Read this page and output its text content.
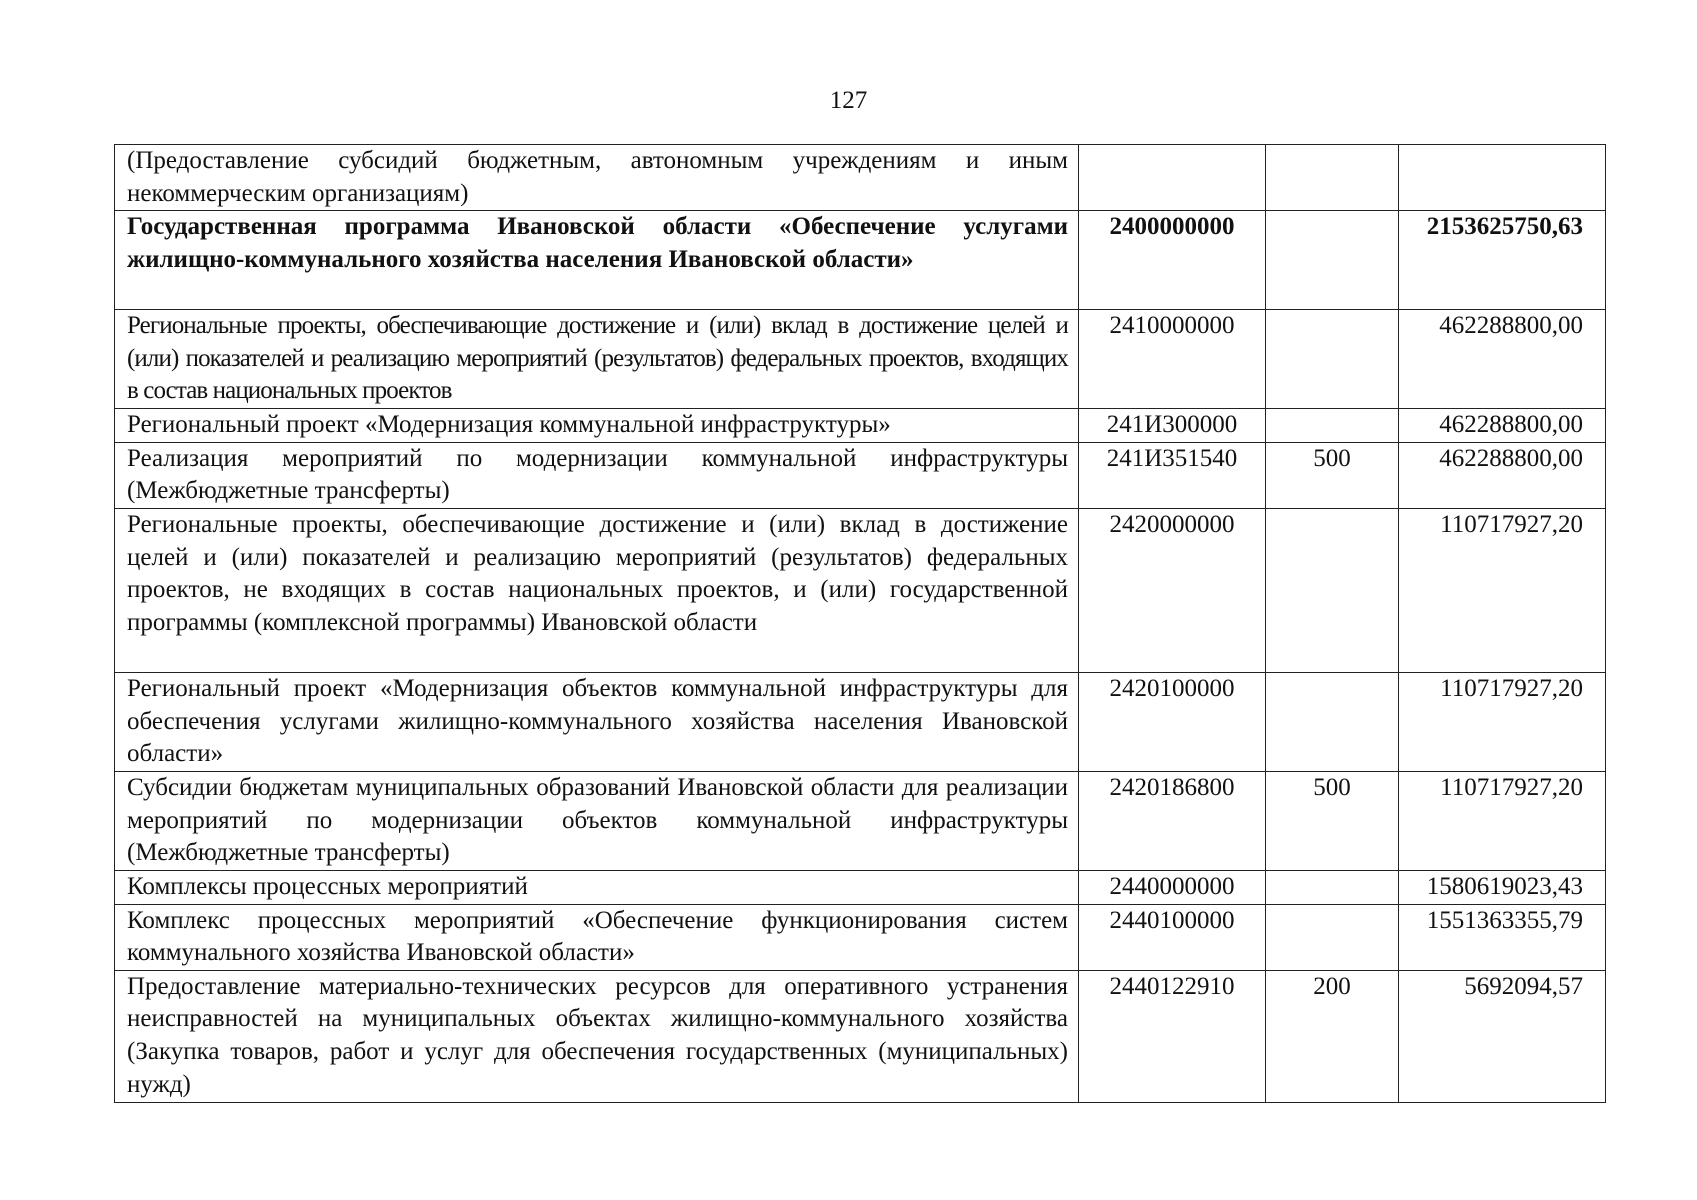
127
(Предоставление субсидий бюджетным, автономным учреждениям и иным некоммерческим организациям)			
Государственная программа Ивановской области «Обеспечение услугами жилищно-коммунального хозяйства населения Ивановской области»	2400000000		2153625750,63
Региональные проекты, обеспечивающие достижение и (или) вклад в достижение целей и (или) показателей и реализацию мероприятий (результатов) федеральных проектов, входящих в состав национальных проектов	2410000000		462288800,00
Региональный проект «Модернизация коммунальной инфраструктуры»	241И300000		462288800,00
Реализация мероприятий по модернизации коммунальной инфраструктуры (Межбюджетные трансферты)	241И351540	500	462288800,00
Региональные проекты, обеспечивающие достижение и (или) вклад в достижение целей и (или) показателей и реализацию мероприятий (результатов) федеральных проектов, не входящих в состав национальных проектов, и (или) государственной программы (комплексной программы) Ивановской области	2420000000		110717927,20
Региональный проект «Модернизация объектов коммунальной инфраструктуры для обеспечения услугами жилищно-коммунального хозяйства населения Ивановской области»	2420100000		110717927,20
Субсидии бюджетам муниципальных образований Ивановской области для реализации мероприятий по модернизации объектов коммунальной инфраструктуры (Межбюджетные трансферты)	2420186800	500	110717927,20
Комплексы процессных мероприятий	2440000000		1580619023,43
Комплекс процессных мероприятий «Обеспечение функционирования систем коммунального хозяйства Ивановской области»	2440100000		1551363355,79
Предоставление материально-технических ресурсов для оперативного устранения неисправностей на муниципальных объектах жилищно-коммунального хозяйства (Закупка товаров, работ и услуг для обеспечения государственных (муниципальных) нужд)	2440122910	200	5692094,57
